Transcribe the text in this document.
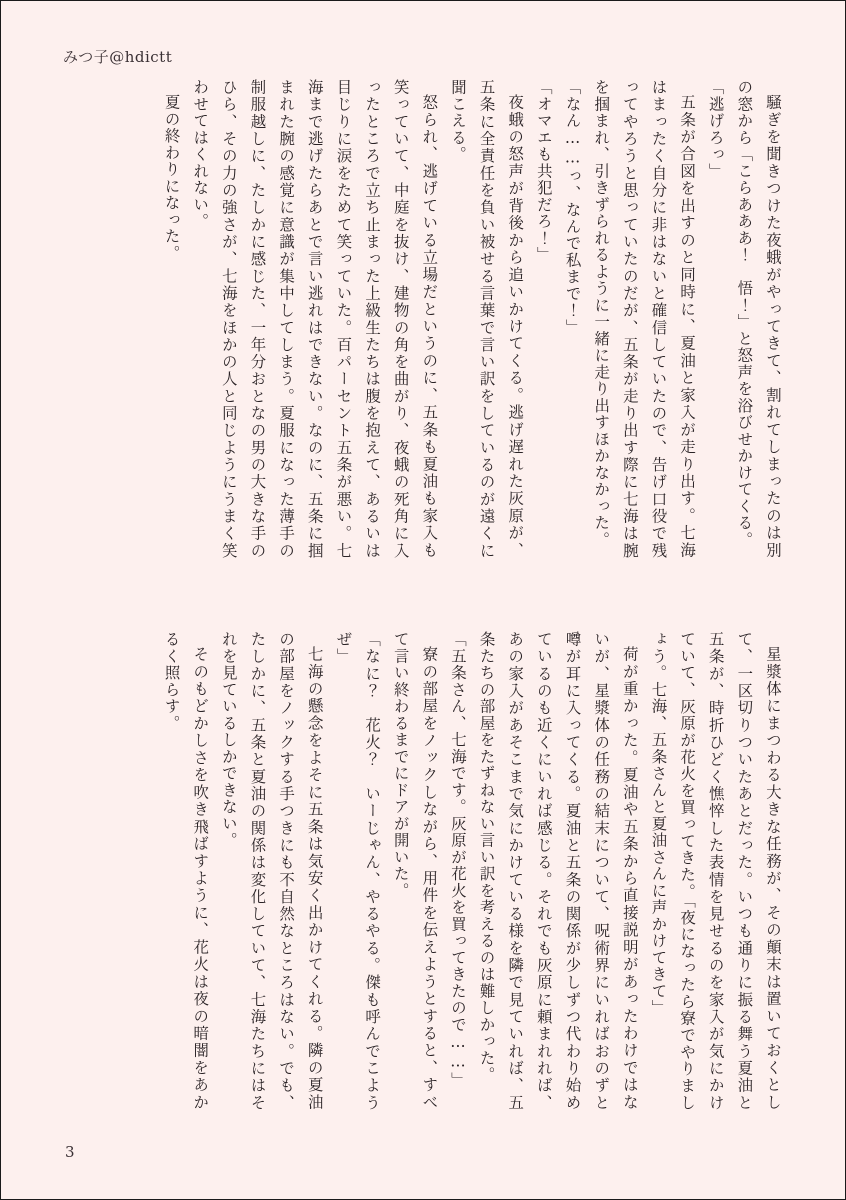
みつ子@hdictt

騒ぎを聞きつけた夜蛾がやってきて、割れてしまったのは別の窓から「こらあああ！　悟！」と怒声を浴びせかけてくる。

「逃げろっ」

五条が合図を出すのと同時に、夏油と家入が走り出す。七海はまったく自分に非はないと確信していたので、告げ口役で残ってやろうと思っていたのだが、五条が走り出す際に七海は腕を掴まれ、引きずられるように一緒に走り出すほかなかった。

「なん……っ、なんで私まで！」

「オマエも共犯だろ！」

夜蛾の怒声が背後から追いかけてくる。逃げ遅れた灰原が、五条に全責任を負い被せる言葉で言い訳をしているのが遠くに聞こえる。

怒られ、逃げている立場だというのに、五条も夏油も家入も笑っていて、中庭を抜け、建物の角を曲がり、夜蛾の死角に入ったところで立ち止まった上級生たちは腹を抱えて、あるいは目じりに涙をためて笑っていた。百パーセント五条が悪い。七海まで逃げたらあとで言い逃れはできない。なのに、五条に掴まれた腕の感覚に意識が集中してしまう。夏服になった薄手の制服越しに、たしかに感じた、一年分おとなの男の大きな手のひら、その力の強さが、七海をほかの人と同じようにうまく笑わせてはくれない。

夏の終わりになった。

星漿体にまつわる大きな任務が、その顛末は置いておくとして、一区切りついたあとだった。いつも通りに振る舞う夏油と五条が、時折ひどく憔悴した表情を見せるのを家入が気にかけていて、灰原が花火を買ってきた。「夜になったら寮でやりましょう。七海、五条さんと夏油さんに声かけてきて」

荷が重かった。夏油や五条から直接説明があったわけではないが、星漿体の任務の結末について、呪術界にいればおのずと噂が耳に入ってくる。夏油と五条の関係が少しずつ代わり始めているのも近くにいれば感じる。それでも灰原に頼まれれば、あの家入があそこまで気にかけている様を隣で見ていれば、五条たちの部屋をたずねない言い訳を考えるのは難しかった。

「五条さん、七海です。灰原が花火を買ってきたので……」

寮の部屋をノックしながら、用件を伝えようとすると、すべて言い終わるまでにドアが開いた。

「なに？　花火？　いーじゃん、やるやる。傑も呼んでこようぜ」

七海の懸念をよそに五条は気安く出かけてくれる。隣の夏油の部屋をノックする手つきにも不自然なところはない。でも、たしかに、五条と夏油の関係は変化していて、七海たちにはそれを見ているしかできない。

そのもどかしさを吹き飛ばすように、花火は夜の暗闇をあかるく照らす。

3
